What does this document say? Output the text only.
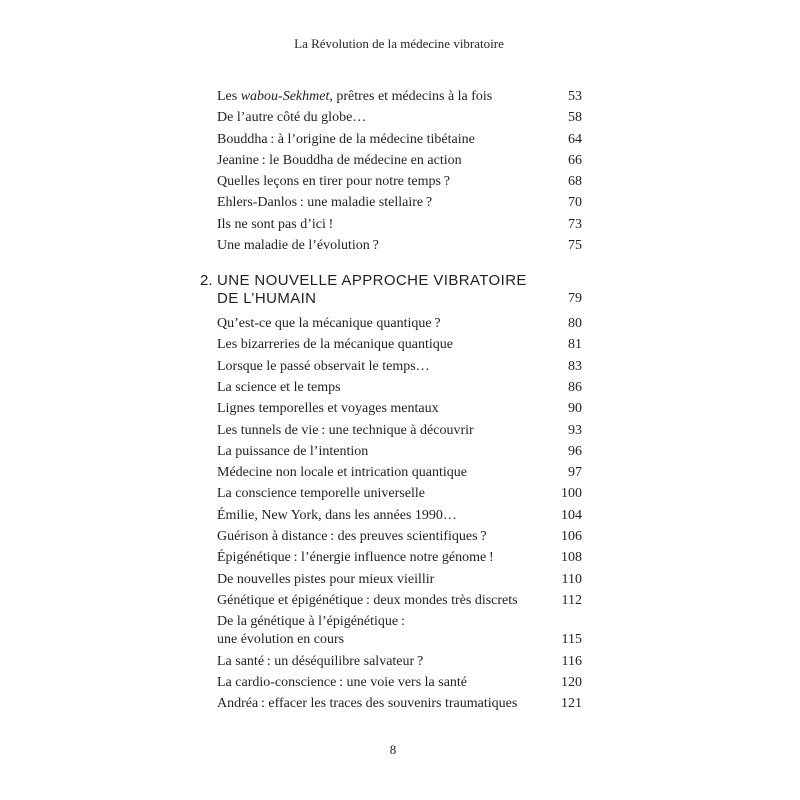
La Révolution de la médecine vibratoire
Les wabou-Sekhmet, prêtres et médecins à la fois	53
De l’autre côté du globe…	58
Bouddha : à l’origine de la médecine tibétaine	64
Jeanine : le Bouddha de médecine en action	66
Quelles leçons en tirer pour notre temps ?	68
Ehlers-Danlos : une maladie stellaire ?	70
Ils ne sont pas d’ici !	73
Une maladie de l’évolution ?	75
2. UNE NOUVELLE APPROCHE VIBRATOIRE
DE L’HUMAIN	79
Qu’est-ce que la mécanique quantique ?	80
Les bizarreries de la mécanique quantique	81
Lorsque le passé observait le temps…	83
La science et le temps	86
Lignes temporelles et voyages mentaux	90
Les tunnels de vie : une technique à découvrir	93
La puissance de l’intention	96
Médecine non locale et intrication quantique	97
La conscience temporelle universelle	100
Émilie, New York, dans les années 1990…	104
Guérison à distance : des preuves scientifiques ?	106
Épigénétique : l’énergie influence notre génome !	108
De nouvelles pistes pour mieux vieillir	110
Génétique et épigénétique : deux mondes très discrets	112
De la génétique à l’épigénétique :
une évolution en cours	115
La santé : un déséquilibre salvateur ?	116
La cardio-conscience : une voie vers la santé	120
Andréa : effacer les traces des souvenirs traumatiques	121
8
